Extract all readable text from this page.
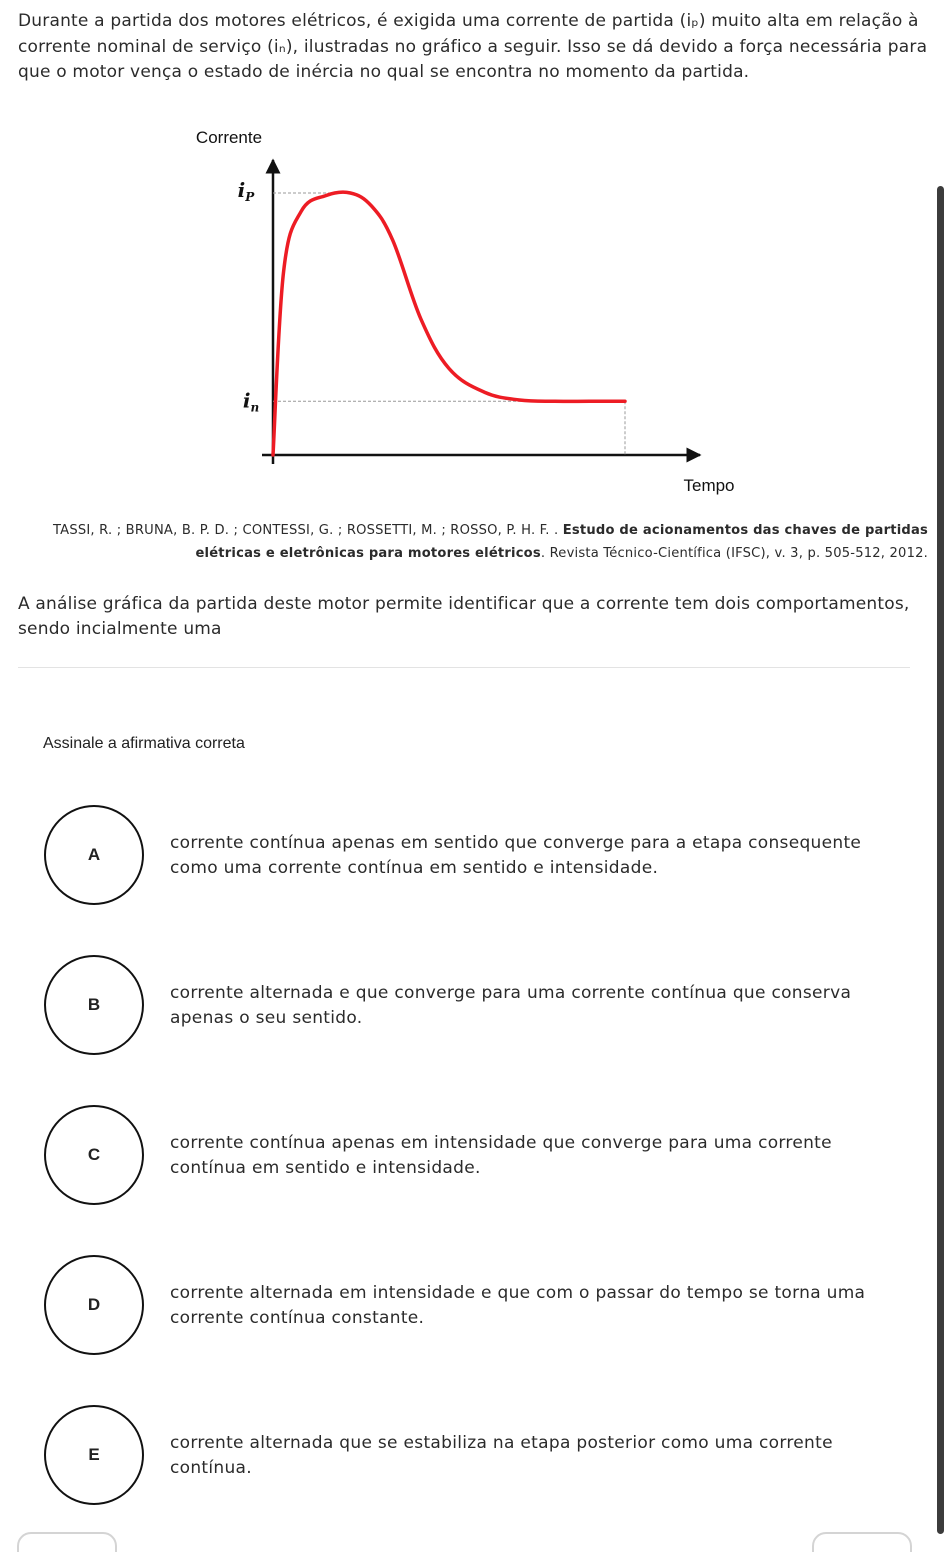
Durante a partida dos motores elétricos, é exigida uma corrente de partida (iₚ) muito alta em relação à corrente nominal de serviço (iₙ), ilustradas no gráfico a seguir. Isso se dá devido a força necessária para que o motor vença o estado de inércia no qual se encontra no momento da partida.
Corrente
Tempo
$i_P$
$i_n$
TASSI, R. ; BRUNA, B. P. D. ; CONTESSI, G. ; ROSSETTI, M. ; ROSSO, P. H. F. . Estudo de acionamentos das chaves de partidas elétricas e eletrônicas para motores elétricos. Revista Técnico-Científica (IFSC), v. 3, p. 505-512, 2012.
A análise gráfica da partida deste motor permite identificar que a corrente tem dois comportamentos, sendo incialmente uma
Assinale a afirmativa correta
A
corrente contínua apenas em sentido que converge para a etapa consequente como uma corrente contínua em sentido e intensidade.
B
corrente alternada e que converge para uma corrente contínua que conserva apenas o seu sentido.
C
corrente contínua apenas em intensidade que converge para uma corrente contínua em sentido e intensidade.
D
corrente alternada em intensidade e que com o passar do tempo se torna uma corrente contínua constante.
E
corrente alternada que se estabiliza na etapa posterior como uma corrente contínua.
